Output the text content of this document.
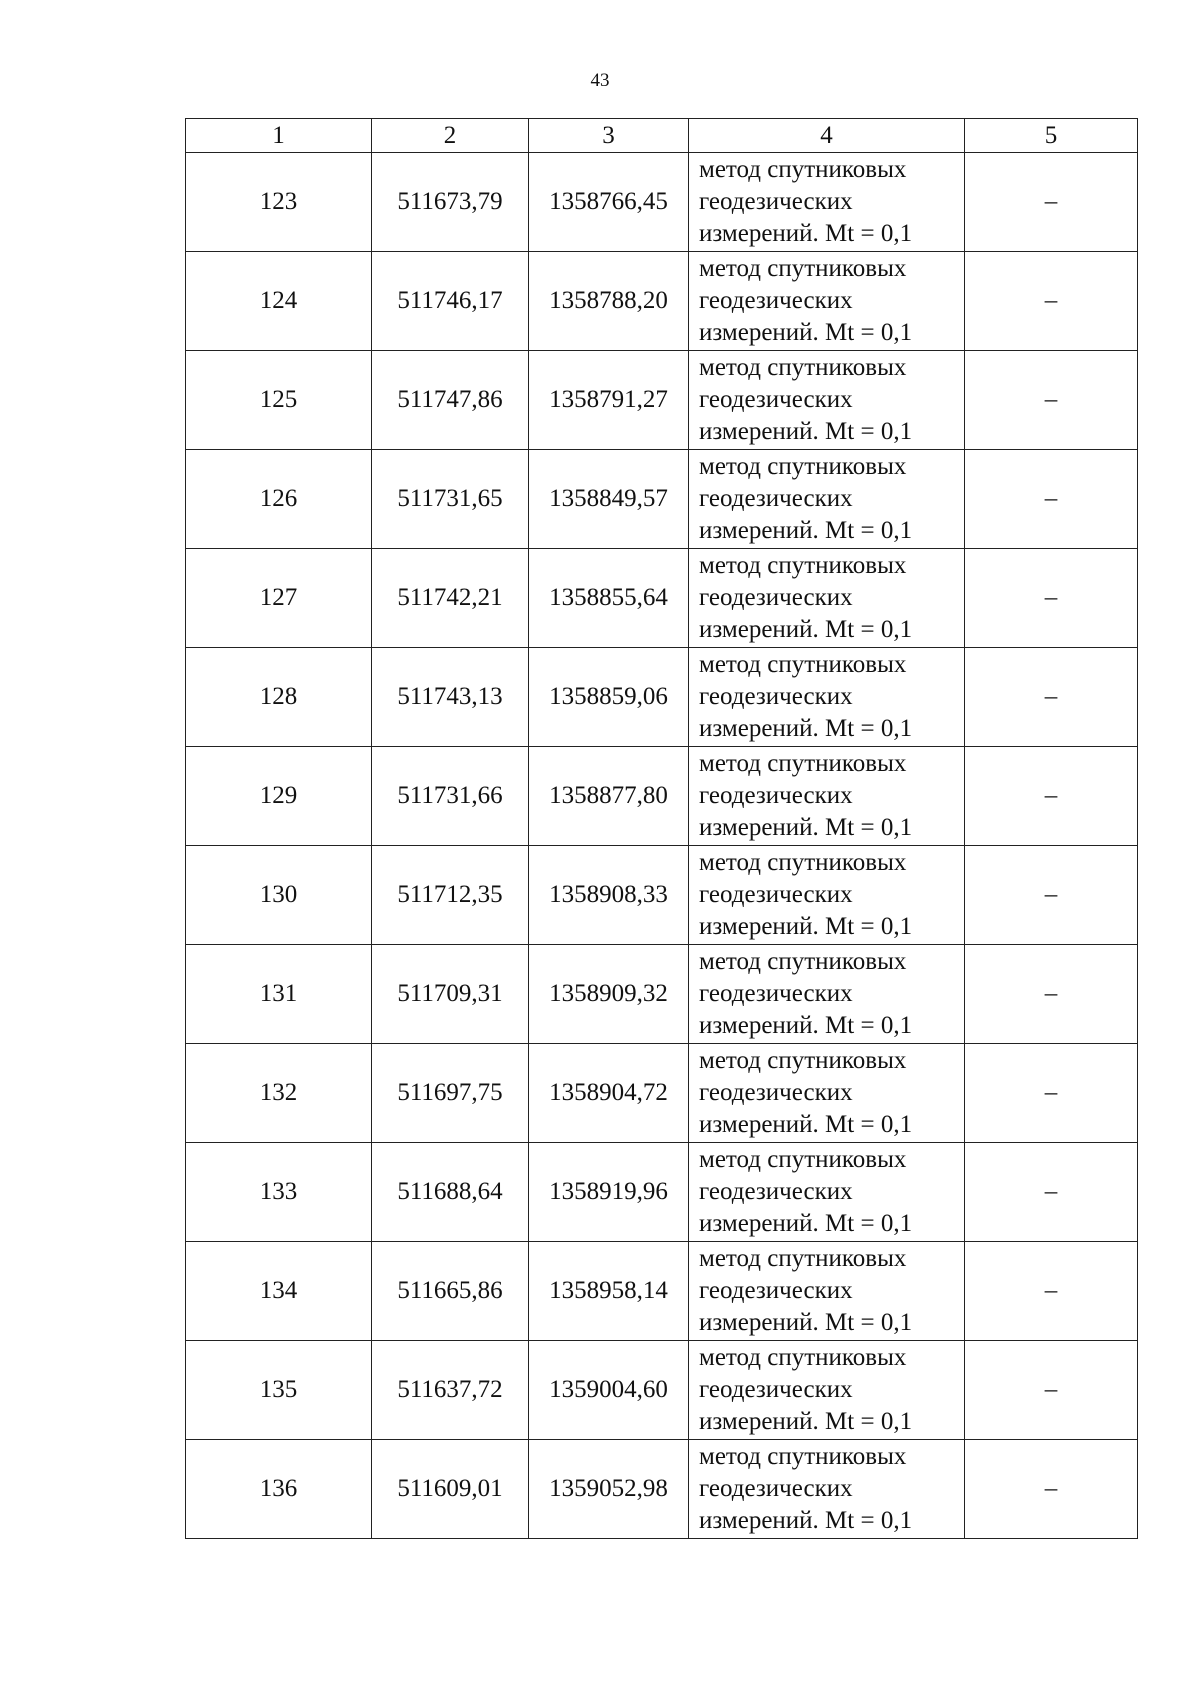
43
1	2	3	4	5
123	511673,79	1358766,45	метод спутниковых
геодезических
измерений. Mt = 0,1	–
124	511746,17	1358788,20	метод спутниковых
геодезических
измерений. Mt = 0,1	–
125	511747,86	1358791,27	метод спутниковых
геодезических
измерений. Mt = 0,1	–
126	511731,65	1358849,57	метод спутниковых
геодезических
измерений. Mt = 0,1	–
127	511742,21	1358855,64	метод спутниковых
геодезических
измерений. Mt = 0,1	–
128	511743,13	1358859,06	метод спутниковых
геодезических
измерений. Mt = 0,1	–
129	511731,66	1358877,80	метод спутниковых
геодезических
измерений. Mt = 0,1	–
130	511712,35	1358908,33	метод спутниковых
геодезических
измерений. Mt = 0,1	–
131	511709,31	1358909,32	метод спутниковых
геодезических
измерений. Mt = 0,1	–
132	511697,75	1358904,72	метод спутниковых
геодезических
измерений. Mt = 0,1	–
133	511688,64	1358919,96	метод спутниковых
геодезических
измерений. Mt = 0,1	–
134	511665,86	1358958,14	метод спутниковых
геодезических
измерений. Mt = 0,1	–
135	511637,72	1359004,60	метод спутниковых
геодезических
измерений. Mt = 0,1	–
136	511609,01	1359052,98	метод спутниковых
геодезических
измерений. Mt = 0,1	–
